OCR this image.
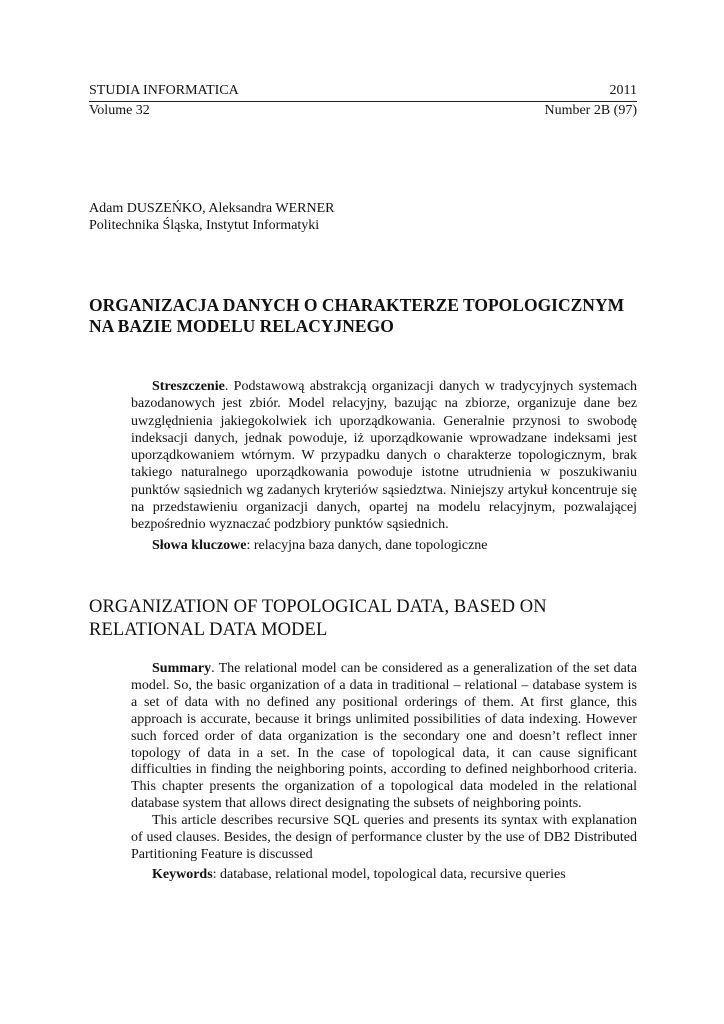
STUDIA INFORMATICA	2011
Volume 32	Number 2B (97)
Adam DUSZEŃKO, Aleksandra WERNER
Politechnika Śląska, Instytut Informatyki
ORGANIZACJA DANYCH O CHARAKTERZE TOPOLOGICZNYM
NA BAZIE MODELU RELACYJNEGO

Streszczenie. Podstawową abstrakcją organizacji danych w tradycyjnych systemach bazodanowych jest zbiór. Model relacyjny, bazując na zbiorze, organizuje dane bez uwzględnienia jakiegokolwiek ich uporządkowania. Generalnie przynosi to swobodę indeksacji danych, jednak powoduje, iż uporządkowanie wprowadzane indeksami jest uporządkowaniem wtórnym. W przypadku danych o charakterze topologicznym, brak takiego naturalnego uporządkowania powoduje istotne utrudnienia w poszukiwaniu punktów sąsiednich wg zadanych kryteriów sąsiedztwa. Niniejszy artykuł koncentruje się na przedstawieniu organizacji danych, opartej na modelu relacyjnym, pozwalającej bezpośrednio wyznaczać podzbiory punktów sąsiednich.

Słowa kluczowe: relacyjna baza danych, dane topologiczne

ORGANIZATION OF TOPOLOGICAL DATA, BASED ON
RELATIONAL DATA MODEL

Summary. The relational model can be considered as a generalization of the set data model. So, the basic organization of a data in traditional – relational – database system is a set of data with no defined any positional orderings of them. At first glance, this approach is accurate, because it brings unlimited possibilities of data indexing. However such forced order of data organization is the secondary one and doesn’t reflect inner topology of data in a set. In the case of topological data, it can cause significant difficulties in finding the neighboring points, according to defined neighborhood criteria. This chapter presents the organization of a topological data modeled in the relational database system that allows direct designating the subsets of neighboring points.

This article describes recursive SQL queries and presents its syntax with explanation of used clauses. Besides, the design of performance cluster by the use of DB2 Distributed Partitioning Feature is discussed

Keywords: database, relational model, topological data, recursive queries
